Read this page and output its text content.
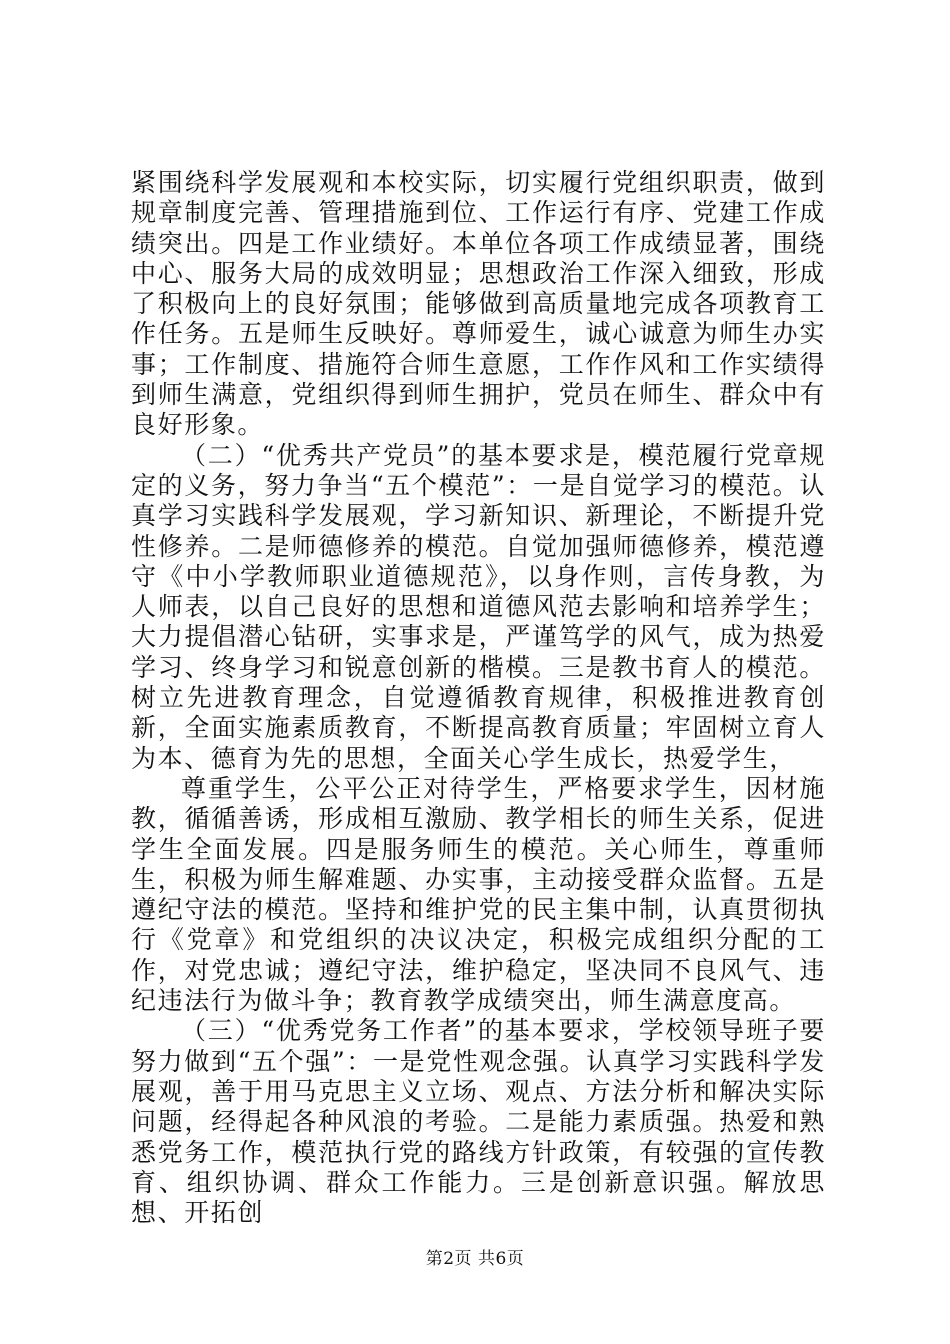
紧围绕科学发展观和本校实际，切实履行党组织职责，做到规章制度完善、管理措施到位、工作运行有序、党建工作成绩突出。四是工作业绩好。本单位各项工作成绩显著，围绕中心、服务大局的成效明显；思想政治工作深入细致，形成了积极向上的良好氛围；能够做到高质量地完成各项教育工作任务。五是师生反映好。尊师爱生，诚心诚意为师生办实事；工作制度、措施符合师生意愿，工作作风和工作实绩得到师生满意，党组织得到师生拥护，党员在师生、群众中有良好形象。

（二）“优秀共产党员”的基本要求是，模范履行党章规定的义务，努力争当“五个模范”：一是自觉学习的模范。认真学习实践科学发展观，学习新知识、新理论，不断提升党性修养。二是师德修养的模范。自觉加强师德修养，模范遵守《中小学教师职业道德规范》，以身作则，言传身教，为人师表，以自己良好的思想和道德风范去影响和培养学生；大力提倡潜心钻研，实事求是，严谨笃学的风气，成为热爱学习、终身学习和锐意创新的楷模。三是教书育人的模范。树立先进教育理念，自觉遵循教育规律，积极推进教育创新，全面实施素质教育，不断提高教育质量；牢固树立育人为本、德育为先的思想，全面关心学生成长，热爱学生，

尊重学生，公平公正对待学生，严格要求学生，因材施教，循循善诱，形成相互激励、教学相长的师生关系，促进学生全面发展。四是服务师生的模范。关心师生，尊重师生，积极为师生解难题、办实事，主动接受群众监督。五是遵纪守法的模范。坚持和维护党的民主集中制，认真贯彻执行《党章》和党组织的决议决定，积极完成组织分配的工作，对党忠诚；遵纪守法，维护稳定，坚决同不良风气、违纪违法行为做斗争；教育教学成绩突出，师生满意度高。

（三）“优秀党务工作者”的基本要求，学校领导班子要努力做到“五个强”：一是党性观念强。认真学习实践科学发展观，善于用马克思主义立场、观点、方法分析和解决实际问题，经得起各种风浪的考验。二是能力素质强。热爱和熟悉党务工作，模范执行党的路线方针政策，有较强的宣传教育、组织协调、群众工作能力。三是创新意识强。解放思想、开拓创

第2页 共6页
